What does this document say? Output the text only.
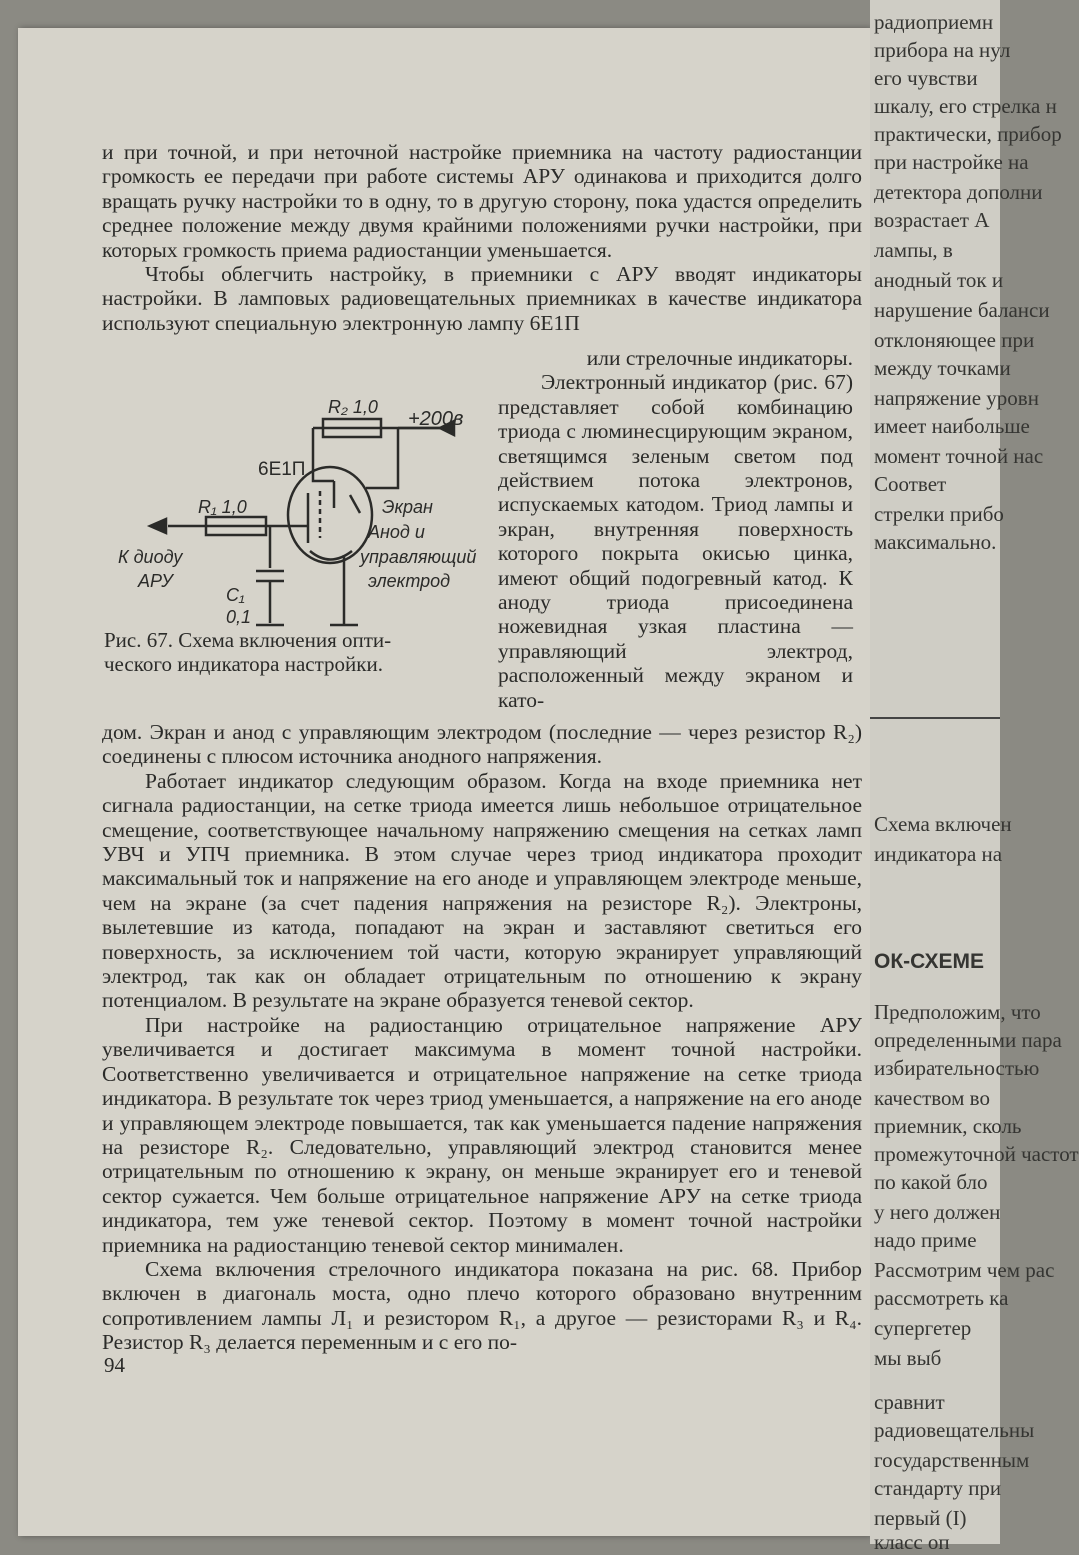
и при точной, и при неточной настройке приемника на частоту радиостанции громкость ее передачи при работе системы АРУ одинакова и приходится долго вращать ручку настройки то в одну, то в другую сторону, пока удастся определить среднее положение между двумя крайними положениями ручки настройки, при которых громкость приема радиостанции уменьшается.

Чтобы облегчить настройку, в приемники с АРУ вводят индикаторы настройки. В ламповых радиовещательных приемниках в качестве индикатора используют специальную электронную лампу 6Е1П

R₂ 1,0
+200в
6Е1П
R₁ 1,0	Экран
Анод и
управляющий
электрод
К диоду
АРУ
C₁
0,1
Рис. 67. Схема включения опти-
ческого индикатора настройки.

или стрелочные индикаторы.

Электронный индикатор (рис. 67) представляет собой комбинацию триода с люминесцирующим экраном, светящимся зеленым светом под действием потока электронов, испускаемых катодом. Триод лампы и экран, внутренняя поверхность которого покрыта окисью цинка, имеют общий подогревный катод. К аноду триода присоединена ножевидная узкая пластина — управляющий электрод, расположенный между экраном и като-

дом. Экран и анод с управляющим электродом (последние — через резистор R₂) соединены с плюсом источника анодного напряжения.

Работает индикатор следующим образом. Когда на входе приемника нет сигнала радиостанции, на сетке триода имеется лишь небольшое отрицательное смещение, соответствующее начальному напряжению смещения на сетках ламп УВЧ и УПЧ приемника. В этом случае через триод индикатора проходит максимальный ток и напряжение на его аноде и управляющем электроде меньше, чем на экране (за счет падения напряжения на резисторе R₂). Электроны, вылетевшие из катода, попадают на экран и заставляют светиться его поверхность, за исключением той части, которую экранирует управляющий электрод, так как он обладает отрицательным по отношению к экрану потенциалом. В результате на экране образуется теневой сектор.

При настройке на радиостанцию отрицательное напряжение АРУ увеличивается и достигает максимума в момент точной настройки. Соответственно увеличивается и отрицательное напряжение на сетке триода индикатора. В результате ток через триод уменьшается, а напряжение на его аноде и управляющем электроде повышается, так как уменьшается падение напряжения на резисторе R₂. Следовательно, управляющий электрод становится менее отрицательным по отношению к экрану, он меньше экранирует его и теневой сектор сужается. Чем больше отрицательное напряжение АРУ на сетке триода индикатора, тем уже теневой сектор. Поэтому в момент точной настройки приемника на радиостанцию теневой сектор минимален.

Схема включения стрелочного индикатора показана на рис. 68. Прибор включен в диагональ моста, одно плечо которого образовано внутренним сопротивлением лампы Л₁ и резистором R₁, а другое — резисторами R₃ и R₄. Резистор R₃ делается переменным и с его по-

94
радиоприемн
прибора на нул
его чувстви
шкалу, его стрелка н
практически, прибор
при настройке на
детектора дополни
возрастает А
лампы, в
анодный ток и
нарушение баланси
отклоняющее при
между точками
напряжение уровн
имеет наибольше
момент точной нас
Соответ
стрелки прибо
максимально.
Схема включен
индикатора на
ОК-СХЕМЕ
Предположим, что
определенными пара
избирательностью
качеством во
приемник, сколь
промежуточной частот
по какой бло
у него должен
надо приме
Рассмотрим чем рас
рассмотреть ка
супергетер
мы выб
сравнит
радиовещательны
государственным
стандарту при
первый (I)
класс оп
